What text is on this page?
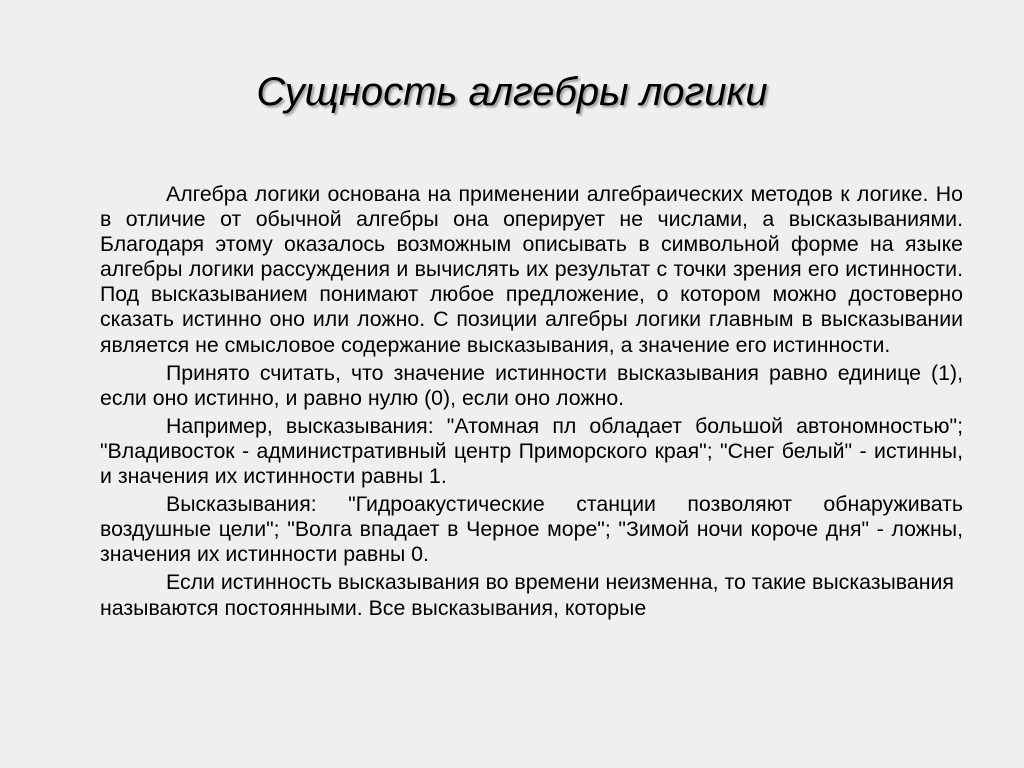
Сущность алгебры логики

Алгебра логики основана на применении алгебраических методов к логике. Но в отличие от обычной алгебры она оперирует не числами, а высказываниями. Благодаря этому оказалось возможным описывать в символьной форме на языке алгебры логики рассуждения и вычислять их результат с точки зрения его истинности. Под высказыванием понимают любое предложение, о котором можно достоверно сказать истинно оно или ложно. С позиции алгебры логики главным в высказывании является не смысловое содержание высказывания, а значение его истинности.

Принято считать, что значение истинности высказывания равно единице (1), если оно истинно, и равно нулю (0), если оно ложно.

Например, высказывания: "Атомная пл обладает большой автономностью"; "Владивосток - административный центр Приморского края"; "Снег белый" - истинны, и значения их истинности равны 1.

Высказывания: "Гидроакустические станции позволяют обнаруживать воздушные цели"; "Волга впадает в Черное море"; "Зимой ночи короче дня" - ложны, значения их истинности равны 0.

Если истинность высказывания во времени неизменна, то такие высказывания называются постоянными. Все высказывания, которые
